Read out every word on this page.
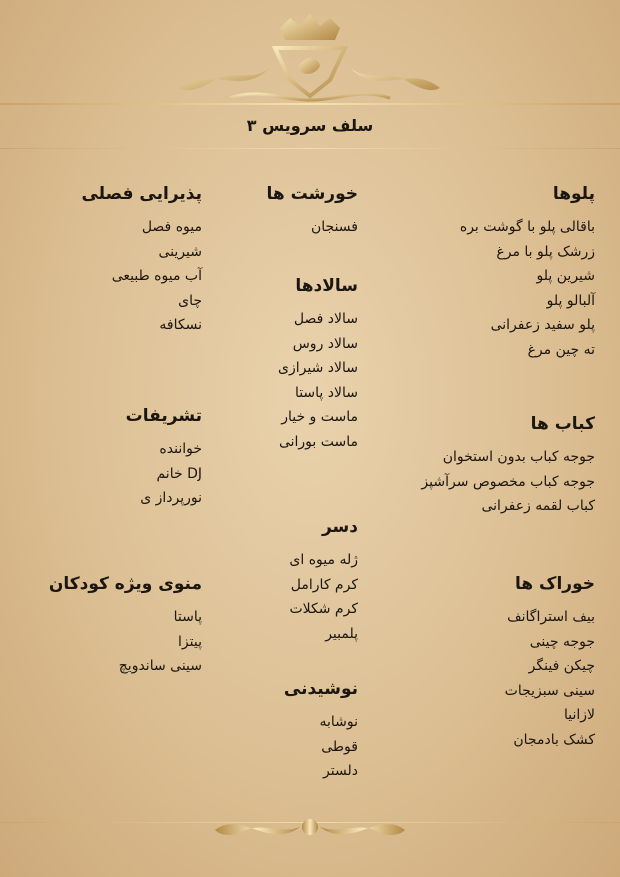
سلف سرویس ۳
پلوها
باقالی پلو با گوشت بره
زرشک پلو با مرغ
شیرین پلو
آلبالو پلو
پلو سفید زعفرانی
ته چین مرغ
کباب ها
جوجه کباب بدون استخوان
جوجه کباب مخصوص سرآشپز
کباب لقمه زعفرانی
خوراک ها
بیف استراگانف
جوجه چینی
چیکن فینگر
سینی سبزیجات
لازانیا
کشک بادمجان
خورشت ها
فسنجان
سالادها
سالاد فصل
سالاد روس
سالاد شیرازی
سالاد پاستا
ماست و خیار
ماست بورانی
دسر
ژله میوه ای
کرم کارامل
کرم شکلات
پلمبیر
نوشیدنی
نوشابه
قوطی
دلستر
پذیرایی فصلی
میوه فصل
شیرینی
آب میوه طبیعی
چای
نسکافه
تشریفات
خواننده
DJ خانم
نورپرداز ی
منوی ویژه کودکان
پاستا
پیتزا
سینی ساندویچ
